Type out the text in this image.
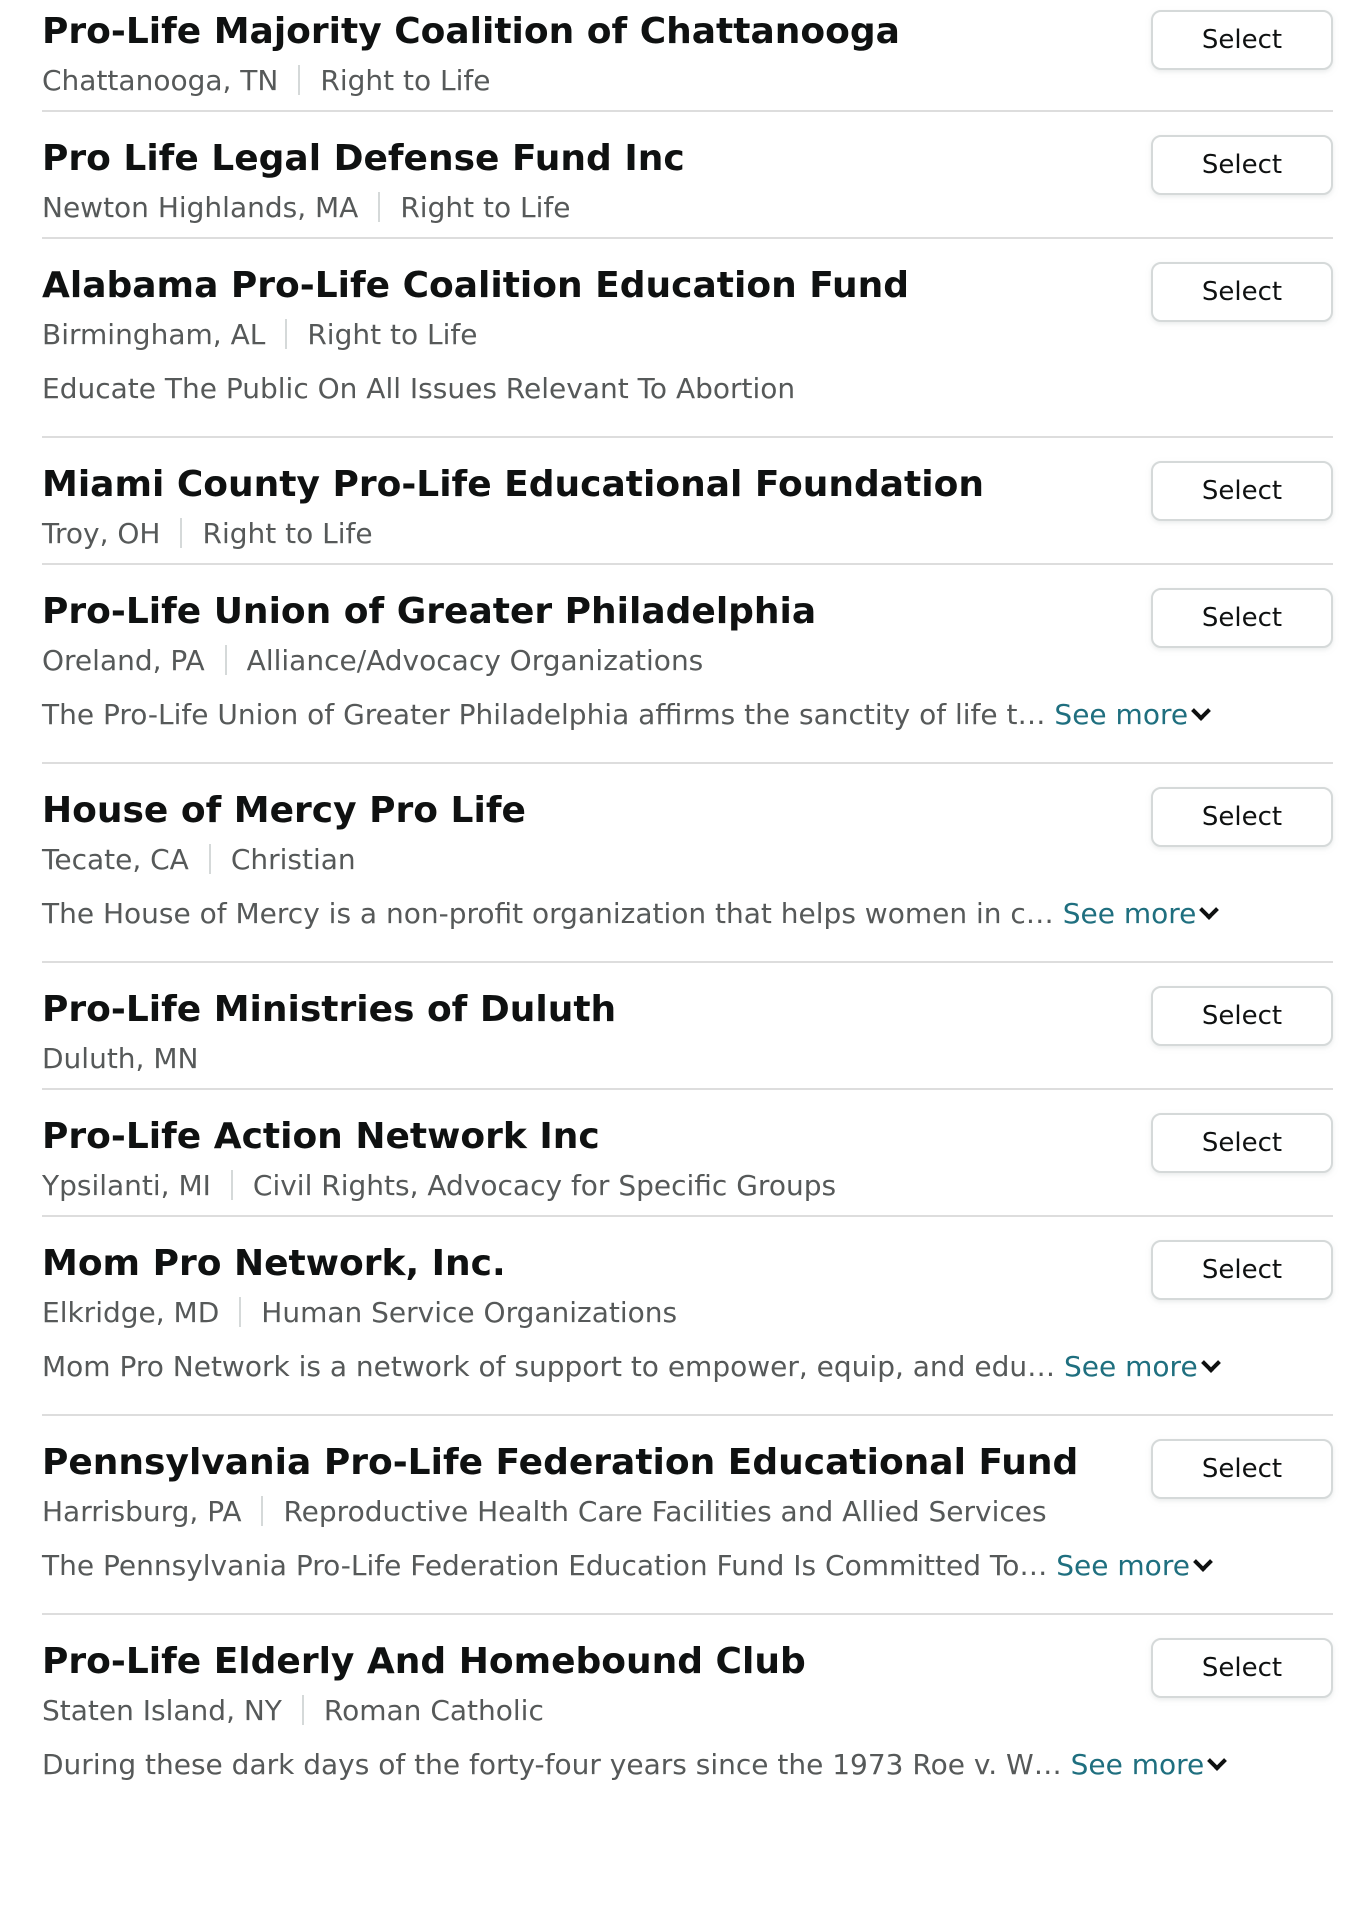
Pro-Life Majority Coalition of Chattanooga
Chattanooga, TN Right to Life
Select
Pro Life Legal Defense Fund Inc
Newton Highlands, MA Right to Life
Select
Alabama Pro-Life Coalition Education Fund
Birmingham, AL Right to Life
Educate The Public On All Issues Relevant To Abortion
Select
Miami County Pro-Life Educational Foundation
Troy, OH Right to Life
Select
Pro-Life Union of Greater Philadelphia
Oreland, PA Alliance/Advocacy Organizations
The Pro-Life Union of Greater Philadelphia affirms the sanctity of life t… See more
Select
House of Mercy Pro Life
Tecate, CA Christian
The House of Mercy is a non-profit organization that helps women in c… See more
Select
Pro-Life Ministries of Duluth
Duluth, MN
Select
Pro-Life Action Network Inc
Ypsilanti, MI Civil Rights, Advocacy for Specific Groups
Select
Mom Pro Network, Inc.
Elkridge, MD Human Service Organizations
Mom Pro Network is a network of support to empower, equip, and edu… See more
Select
Pennsylvania Pro-Life Federation Educational Fund
Harrisburg, PA Reproductive Health Care Facilities and Allied Services
The Pennsylvania Pro-Life Federation Education Fund Is Committed To… See more
Select
Pro-Life Elderly And Homebound Club
Staten Island, NY Roman Catholic
During these dark days of the forty-four years since the 1973 Roe v. W… See more
Select
